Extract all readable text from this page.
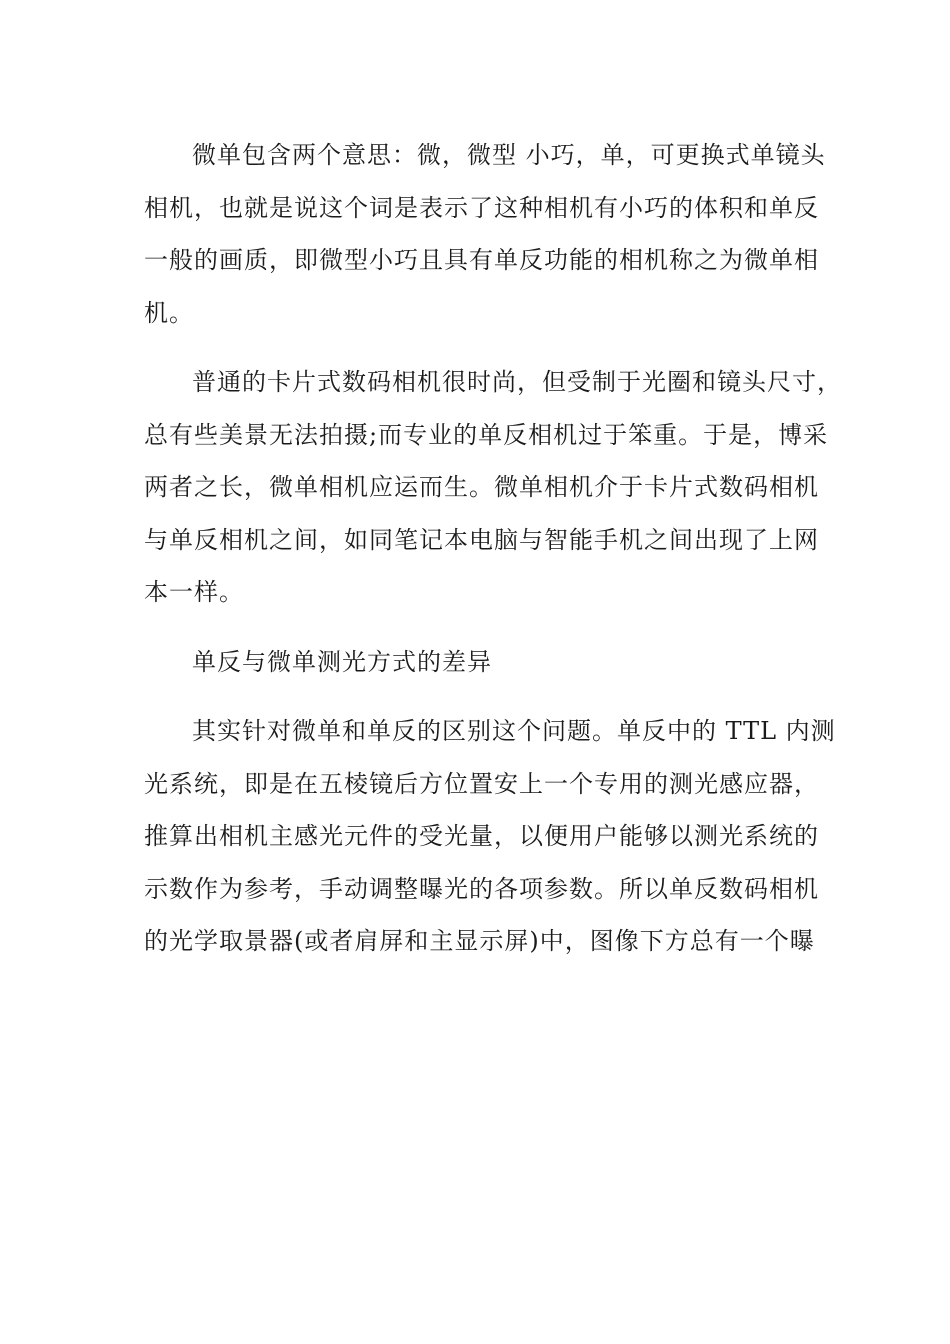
微单包含两个意思：微，微型 小巧，单，可更换式单镜头
相机，也就是说这个词是表示了这种相机有小巧的体积和单反
一般的画质，即微型小巧且具有单反功能的相机称之为微单相
机。
普通的卡片式数码相机很时尚，但受制于光圈和镜头尺寸，
总有些美景无法拍摄;而专业的单反相机过于笨重。于是，博采
两者之长，微单相机应运而生。微单相机介于卡片式数码相机
与单反相机之间，如同笔记本电脑与智能手机之间出现了上网
本一样。
单反与微单测光方式的差异
其实针对微单和单反的区别这个问题。单反中的 TTL 内测
光系统，即是在五棱镜后方位置安上一个专用的测光感应器，
推算出相机主感光元件的受光量，以便用户能够以测光系统的
示数作为参考，手动调整曝光的各项参数。所以单反数码相机
的光学取景器(或者肩屏和主显示屏)中，图像下方总有一个曝
